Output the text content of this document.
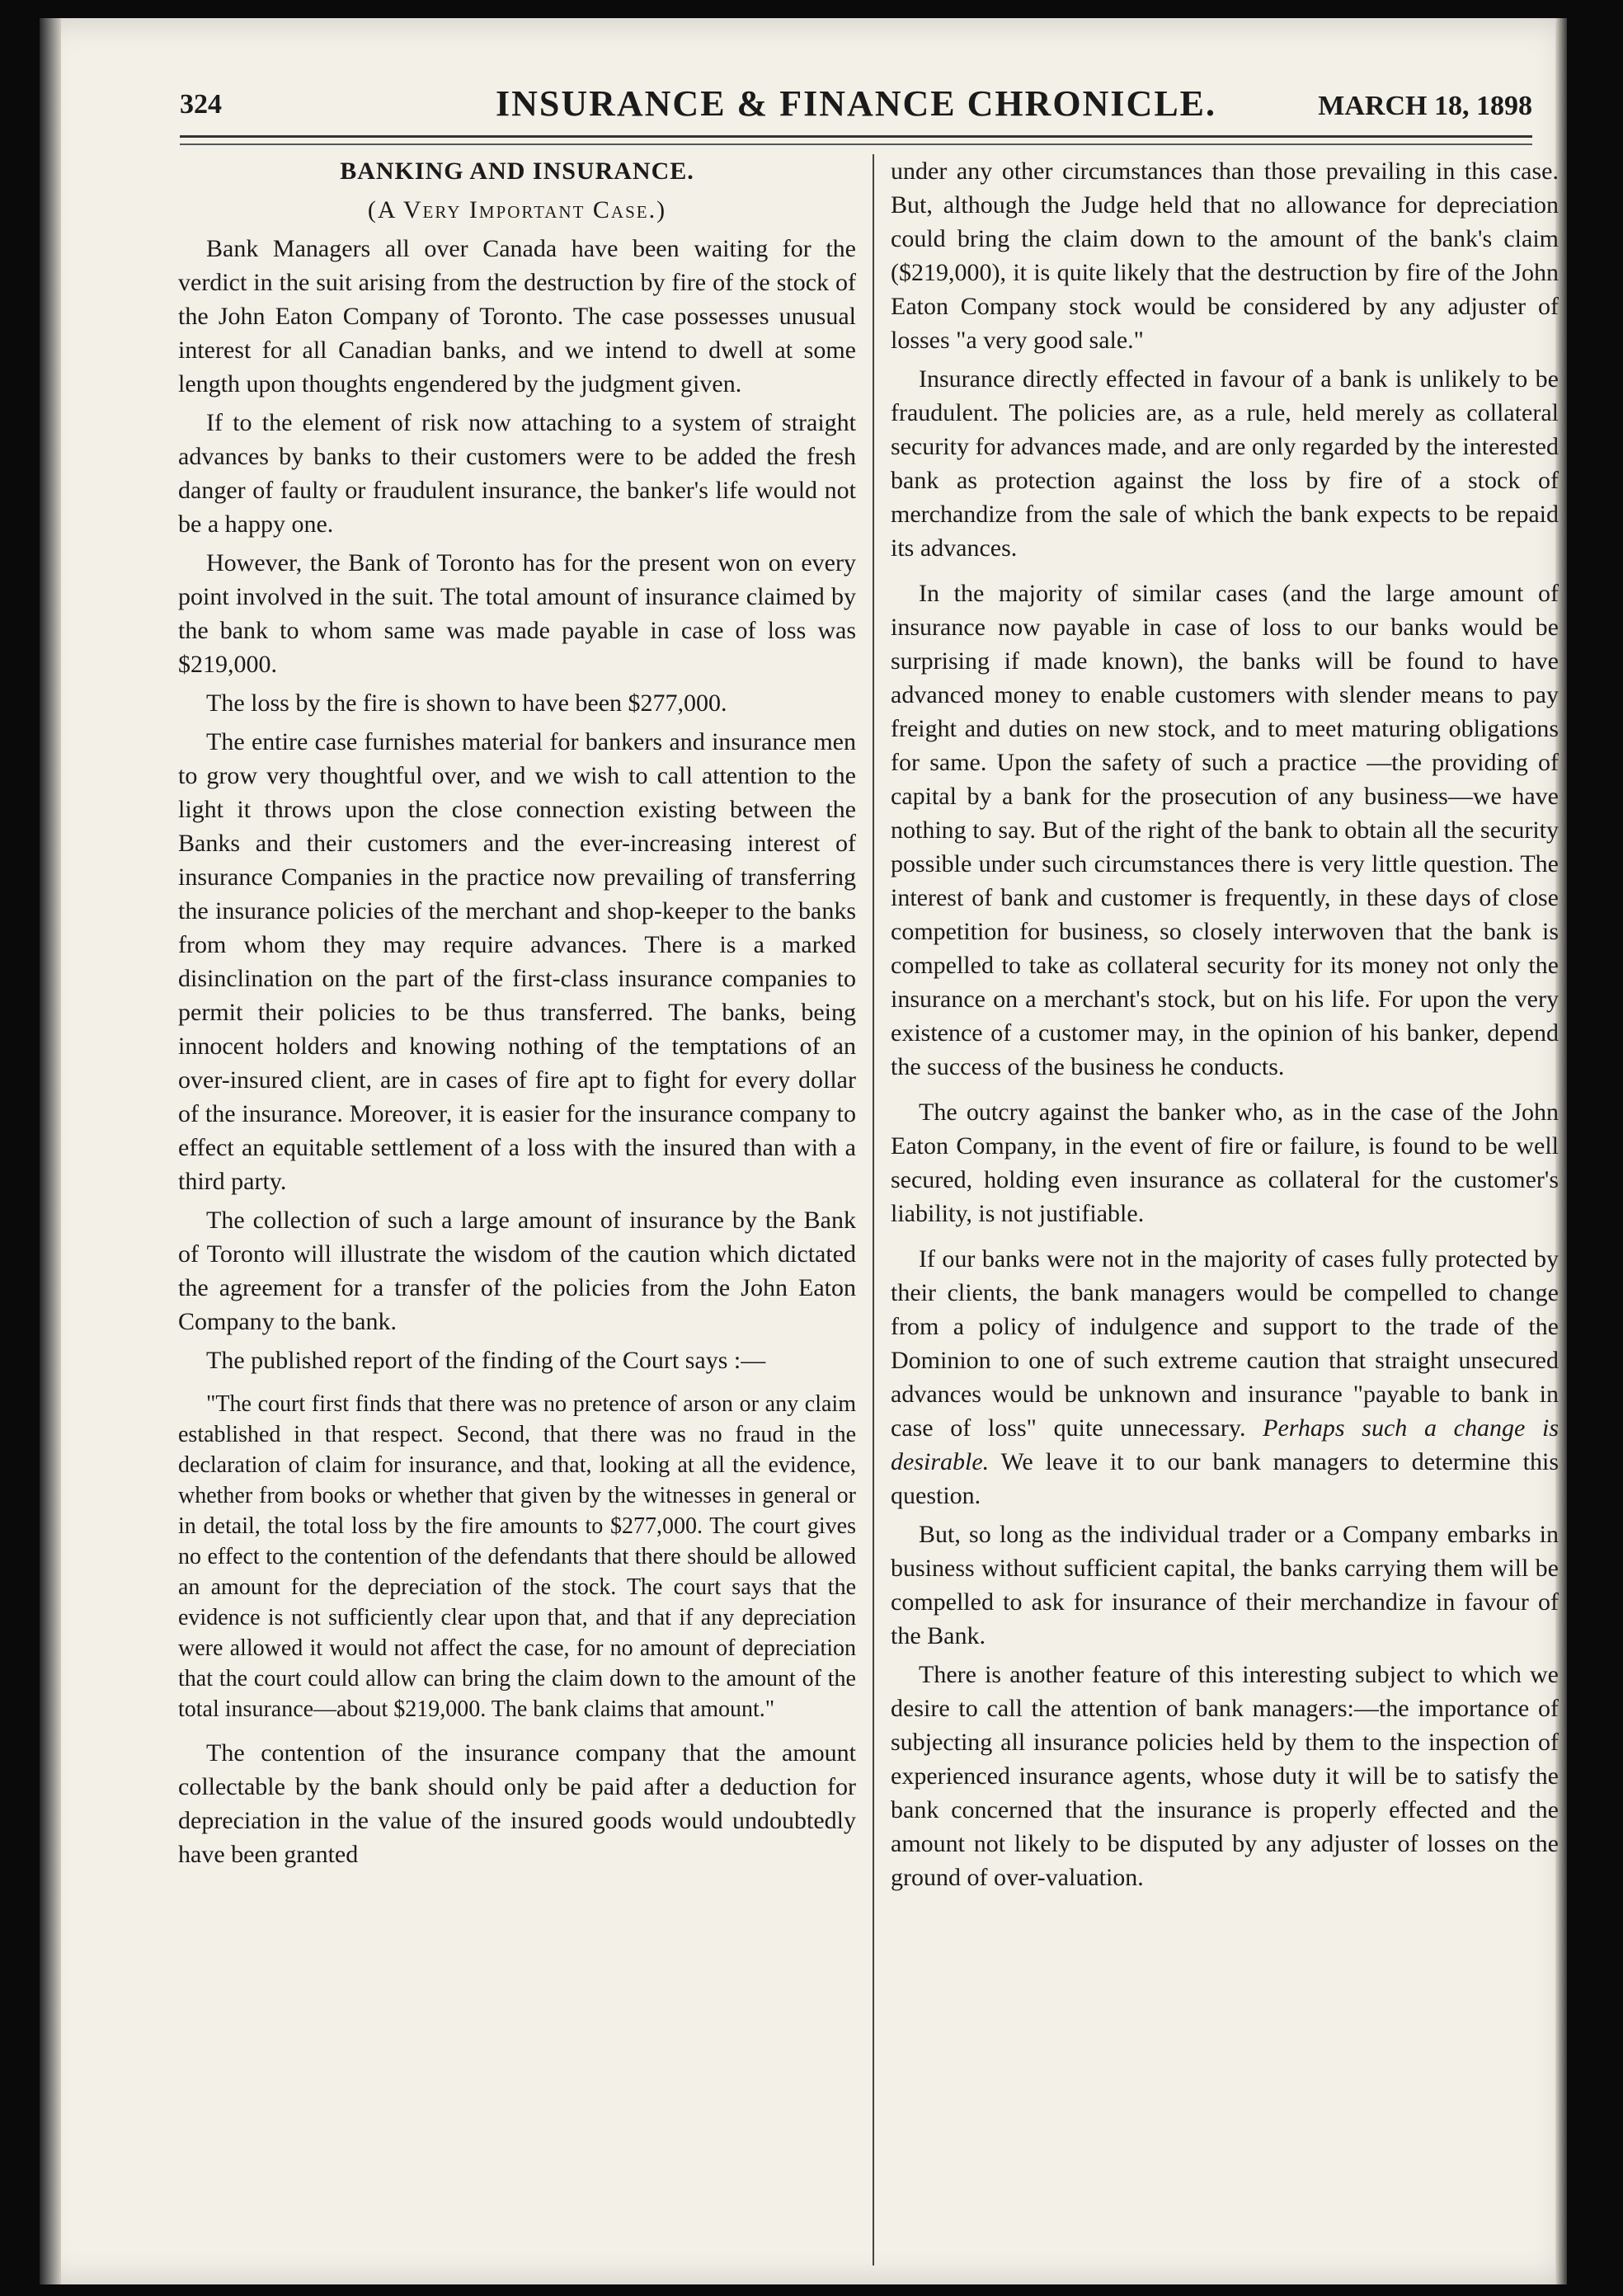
324	INSURANCE & FINANCE CHRONICLE.	MARCH 18, 1898

BANKING AND INSURANCE.

(A Very Important Case.)

Bank Managers all over Canada have been waiting for the verdict in the suit arising from the destruction by fire of the stock of the John Eaton Company of Toronto. The case possesses unusual interest for all Canadian banks, and we intend to dwell at some length upon thoughts engendered by the judgment given.

If to the element of risk now attaching to a system of straight advances by banks to their customers were to be added the fresh danger of faulty or fraudulent insurance, the banker's life would not be a happy one.

However, the Bank of Toronto has for the present won on every point involved in the suit. The total amount of insurance claimed by the bank to whom same was made payable in case of loss was $219,000.

The loss by the fire is shown to have been $277,000.

The entire case furnishes material for bankers and insurance men to grow very thoughtful over, and we wish to call attention to the light it throws upon the close connection existing between the Banks and their customers and the ever-increasing interest of insurance Companies in the practice now prevailing of transferring the insurance policies of the merchant and shop-keeper to the banks from whom they may require advances. There is a marked disinclination on the part of the first-class insurance companies to permit their policies to be thus transferred. The banks, being innocent holders and knowing nothing of the temptations of an over-insured client, are in cases of fire apt to fight for every dollar of the insurance. Moreover, it is easier for the insurance company to effect an equitable settlement of a loss with the insured than with a third party.

The collection of such a large amount of insurance by the Bank of Toronto will illustrate the wisdom of the caution which dictated the agreement for a transfer of the policies from the John Eaton Company to the bank.

The published report of the finding of the Court says :—

"The court first finds that there was no pretence of arson or any claim established in that respect. Second, that there was no fraud in the declaration of claim for insurance, and that, looking at all the evidence, whether from books or whether that given by the witnesses in general or in detail, the total loss by the fire amounts to $277,000. The court gives no effect to the contention of the defendants that there should be allowed an amount for the depreciation of the stock. The court says that the evidence is not sufficiently clear upon that, and that if any depreciation were allowed it would not affect the case, for no amount of depreciation that the court could allow can bring the claim down to the amount of the total insurance—about $219,000. The bank claims that amount."

The contention of the insurance company that the amount collectable by the bank should only be paid after a deduction for depreciation in the value of the insured goods would undoubtedly have been granted

under any other circumstances than those prevailing in this case. But, although the Judge held that no allowance for depreciation could bring the claim down to the amount of the bank's claim ($219,000), it is quite likely that the destruction by fire of the John Eaton Company stock would be considered by any adjuster of losses "a very good sale."

Insurance directly effected in favour of a bank is unlikely to be fraudulent. The policies are, as a rule, held merely as collateral security for advances made, and are only regarded by the interested bank as protection against the loss by fire of a stock of merchandize from the sale of which the bank expects to be repaid its advances.

In the majority of similar cases (and the large amount of insurance now payable in case of loss to our banks would be surprising if made known), the banks will be found to have advanced money to enable customers with slender means to pay freight and duties on new stock, and to meet maturing obligations for same. Upon the safety of such a practice —the providing of capital by a bank for the prosecution of any business—we have nothing to say. But of the right of the bank to obtain all the security possible under such circumstances there is very little question. The interest of bank and customer is frequently, in these days of close competition for business, so closely interwoven that the bank is compelled to take as collateral security for its money not only the insurance on a merchant's stock, but on his life. For upon the very existence of a customer may, in the opinion of his banker, depend the success of the business he conducts.

The outcry against the banker who, as in the case of the John Eaton Company, in the event of fire or failure, is found to be well secured, holding even insurance as collateral for the customer's liability, is not justifiable.

If our banks were not in the majority of cases fully protected by their clients, the bank managers would be compelled to change from a policy of indulgence and support to the trade of the Dominion to one of such extreme caution that straight unsecured advances would be unknown and insurance "payable to bank in case of loss" quite unnecessary. Perhaps such a change is desirable. We leave it to our bank managers to determine this question.

But, so long as the individual trader or a Company embarks in business without sufficient capital, the banks carrying them will be compelled to ask for insurance of their merchandize in favour of the Bank.

There is another feature of this interesting subject to which we desire to call the attention of bank managers:—the importance of subjecting all insurance policies held by them to the inspection of experienced insurance agents, whose duty it will be to satisfy the bank concerned that the insurance is properly effected and the amount not likely to be disputed by any adjuster of losses on the ground of over-valuation.
